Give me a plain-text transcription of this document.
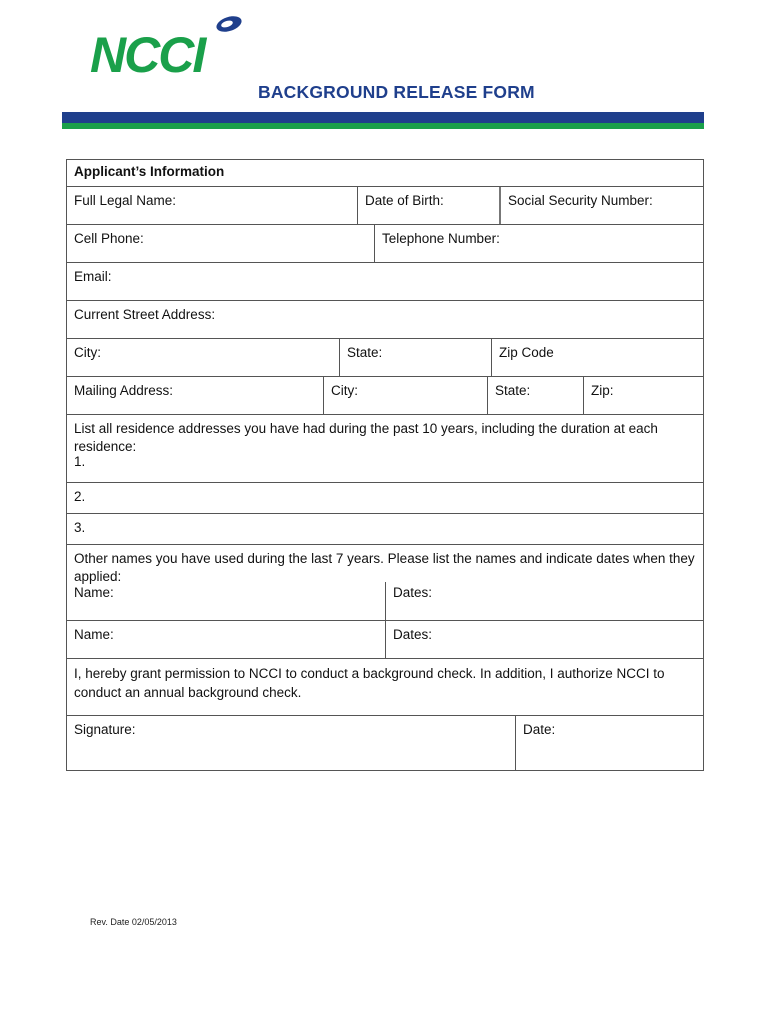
NCCI
BACKGROUND RELEASE FORM
Applicant’s Information
Full Legal Name:	Date of Birth:	Social Security Number:
Cell Phone:	Telephone Number:
Email:
Current Street Address:
City:	State:	Zip Code
Mailing Address:	City:	State:	Zip:
List all residence addresses you have had during the past 10 years, including the duration at each residence:
1.
2.
3.
Other names you have used during the last 7 years. Please list the names and indicate dates when they applied:
Name:	Dates:
Name:	Dates:
I, hereby grant permission to NCCI to conduct a background check. In addition, I authorize NCCI to conduct an annual background check.
Signature:	Date:
Rev. Date 02/05/2013
